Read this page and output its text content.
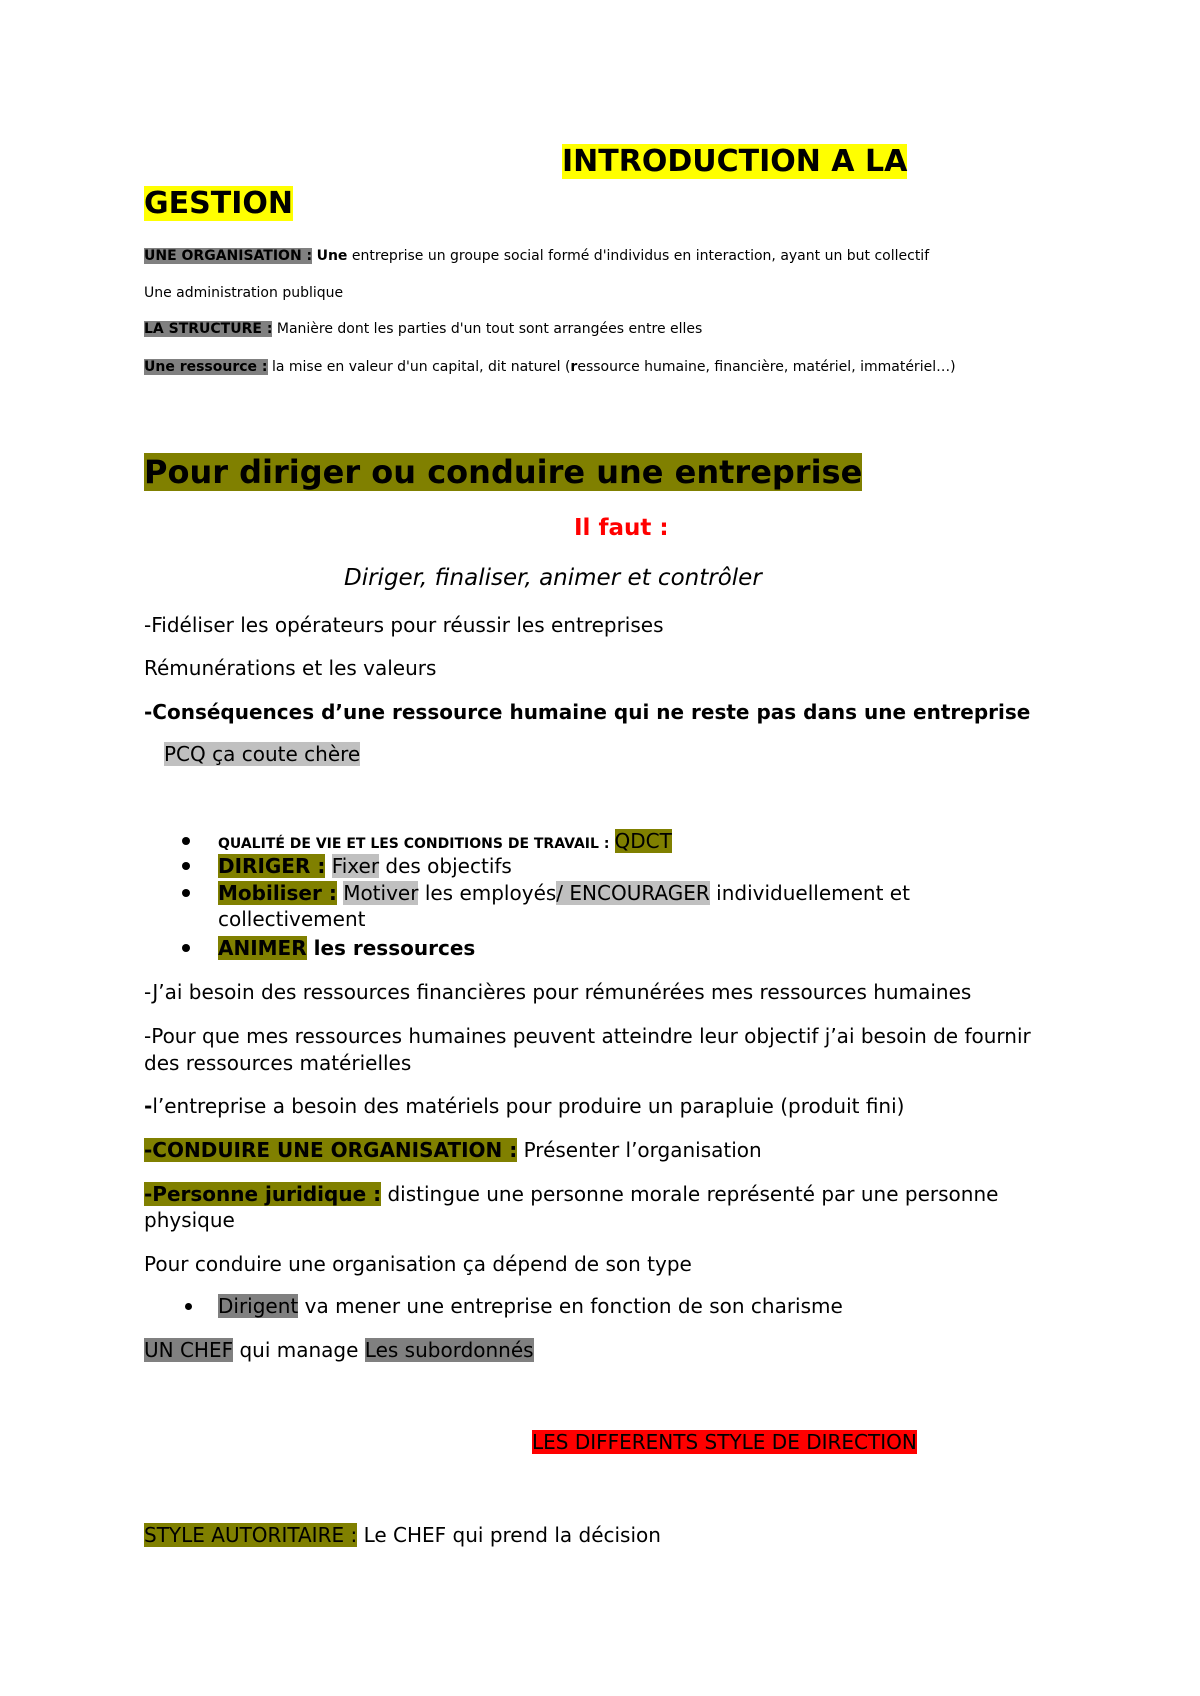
INTRODUCTION A LA
GESTION
UNE ORGANISATION : Une entreprise un groupe social formé d'individus en interaction, ayant un but collectif
Une administration publique
LA STRUCTURE : Manière dont les parties d'un tout sont arrangées entre elles
Une ressource : la mise en valeur d'un capital, dit naturel (ressource humaine, financière, matériel, immatériel…)
Pour diriger ou conduire une entreprise
Il faut :
Diriger, finaliser, animer et contrôler
-Fidéliser les opérateurs pour réussir les entreprises
Rémunérations et les valeurs
-Conséquences d’une ressource humaine qui ne reste pas dans une entreprise
PCQ ça coute chère
QUALITÉ DE VIE ET LES CONDITIONS DE TRAVAIL : QDCT
DIRIGER : Fixer des objectifs
Mobiliser : Motiver les employés/ ENCOURAGER individuellement et
collectivement
ANIMER les ressources
-J’ai besoin des ressources financières pour rémunérées mes ressources humaines
-Pour que mes ressources humaines peuvent atteindre leur objectif j’ai besoin de fournir
des ressources matérielles
-l’entreprise a besoin des matériels pour produire un parapluie (produit fini)
-CONDUIRE UNE ORGANISATION : Présenter l’organisation
-Personne juridique : distingue une personne morale représenté par une personne
physique
Pour conduire une organisation ça dépend de son type
Dirigent va mener une entreprise en fonction de son charisme
UN CHEF qui manage Les subordonnés
LES DIFFERENTS STYLE DE DIRECTION
STYLE AUTORITAIRE : Le CHEF qui prend la décision
